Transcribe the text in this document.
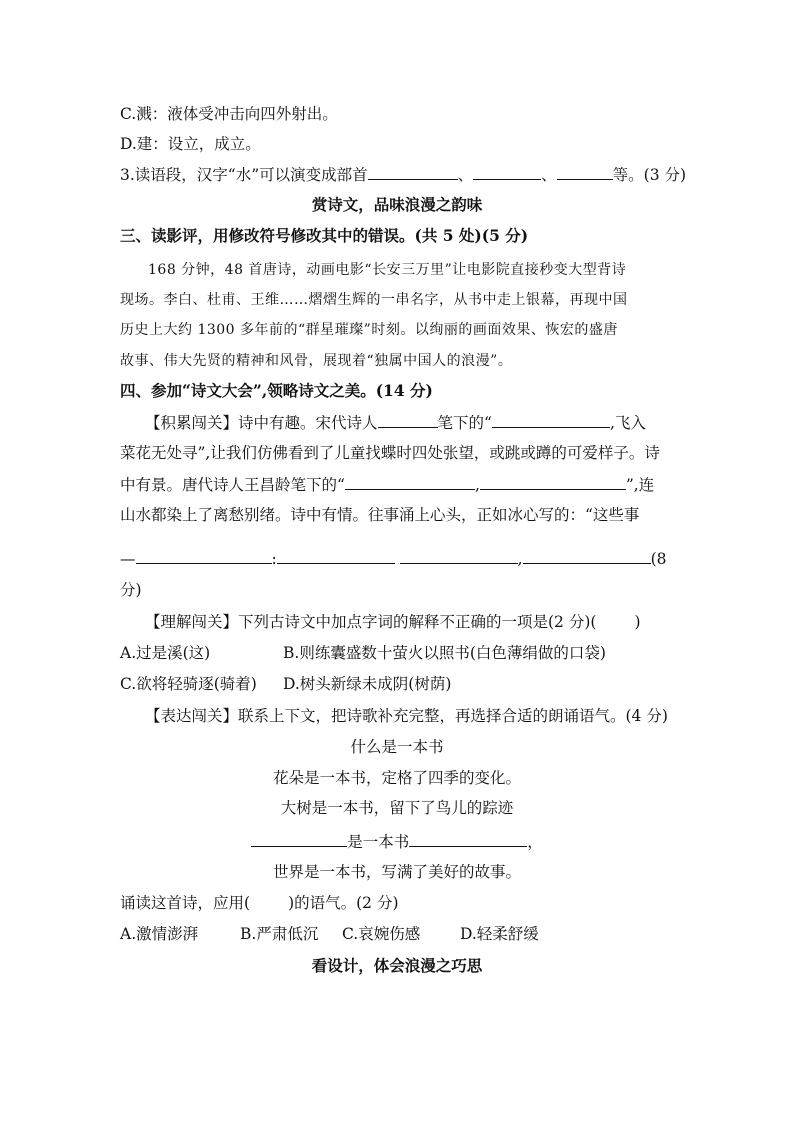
C.溅：液体受冲击向四外射出。
D.建：设立，成立。
3.读语段，汉字“水”可以演变成部首	、	、	等。(3 分)
赏诗文，品味浪漫之韵味
三、读影评，用修改符号修改其中的错误。(共 5 处)(5 分)
168 分钟，48 首唐诗，动画电影“长安三万里”让电影院直接秒变大型背诗
现场。李白、杜甫、王维……熠熠生辉的一串名字，从书中走上银幕，再现中国
历史上大约 1300 多年前的“群星璀璨”时刻。以绚丽的画面效果、恢宏的盛唐
故事、伟大先贤的精神和风骨，展现着“独属中国人的浪漫”。
四、参加“诗文大会”,领略诗文之美。(14 分)
【积累闯关】诗中有趣。宋代诗人	笔下的“	,飞入
菜花无处寻”,让我们仿佛看到了儿童找蝶时四处张望，或跳或蹲的可爱样子。诗
中有景。唐代诗人王昌龄笔下的“	,	”,连
山水都染上了离愁别绪。诗中有情。往事涌上心头，正如冰心写的：“这些事
—	:	,	(8
分)
【理解闯关】下列古诗文中加点字词的解释不正确的一项是(2 分)( )
A.过是溪(这)	B.则练囊盛数十萤火以照书(白色薄绢做的口袋)
C.欲将轻骑逐(骑着) D.树头新绿未成阴(树荫)
【表达闯关】联系上下文，把诗歌补充完整，再选择合适的朗诵语气。(4 分)
什么是一本书
花朵是一本书，定格了四季的变化。
大树是一本书，留下了鸟儿的踪迹
是一本书	，
世界是一本书，写满了美好的故事。
诵读这首诗，应用( )的语气。(2 分)
A.激情澎湃	B.严肃低沉 C.哀婉伤感	D.轻柔舒缓
看设计，体会浪漫之巧思
